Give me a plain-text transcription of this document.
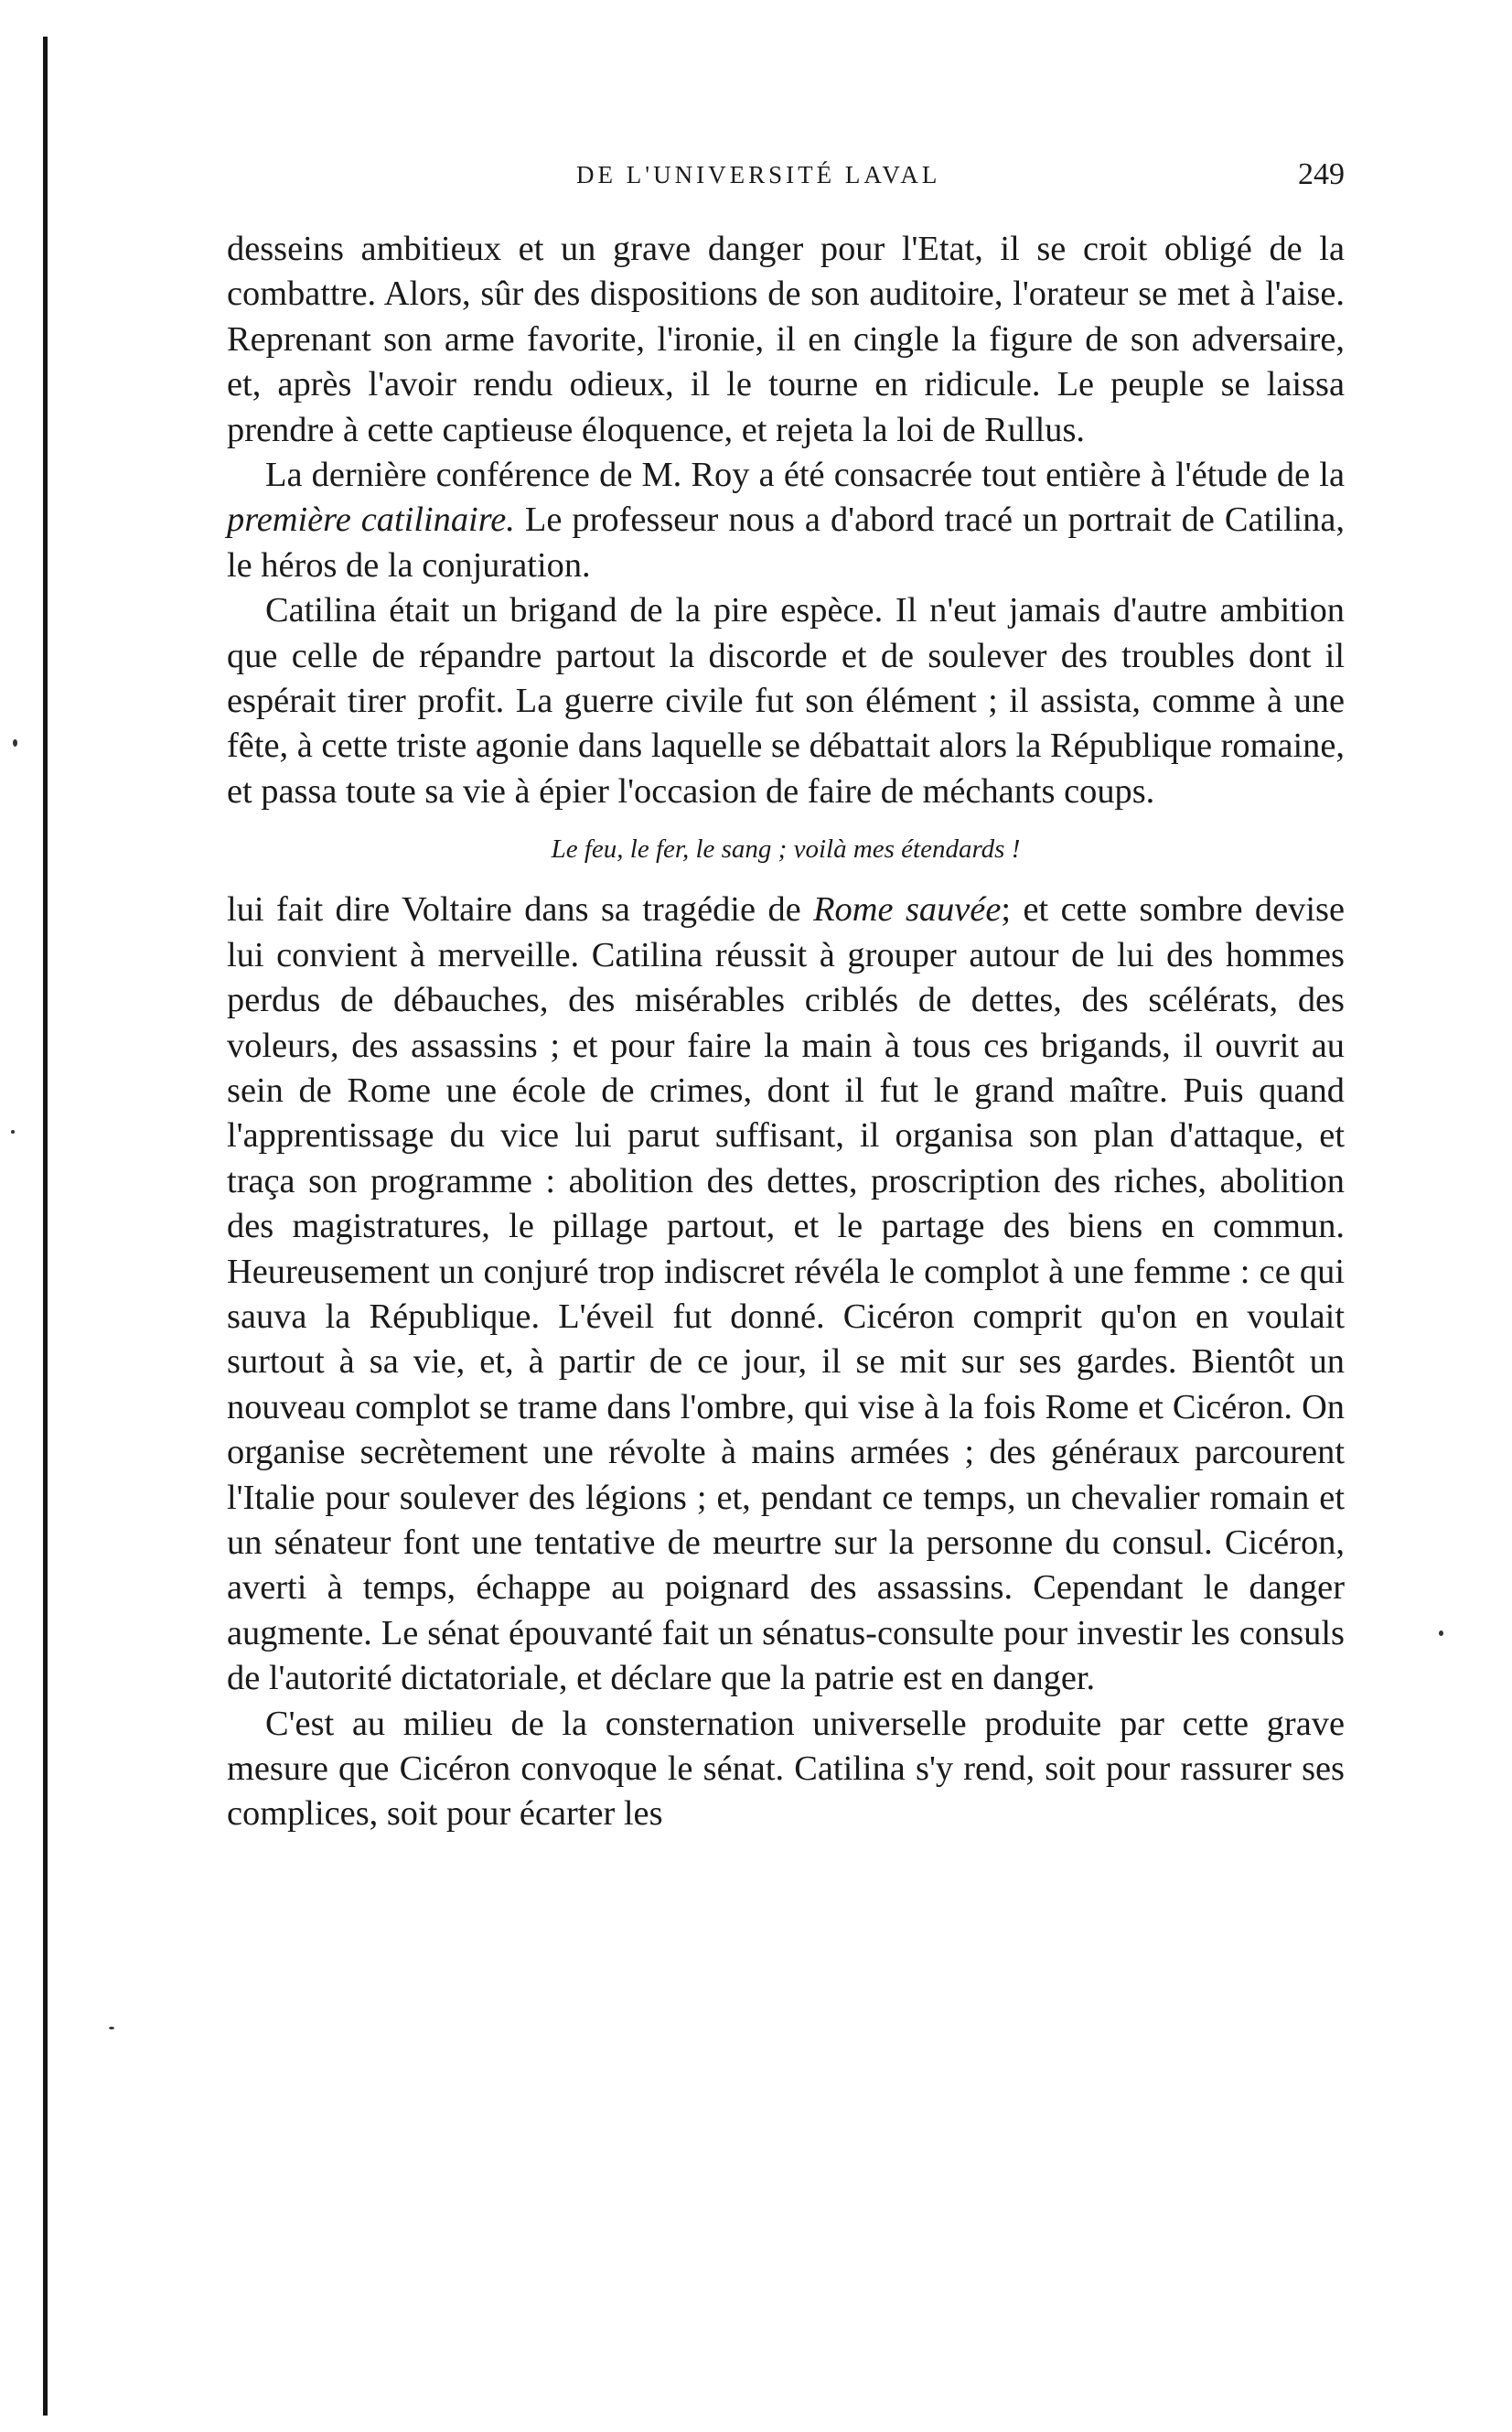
DE L'UNIVERSITÉ LAVAL	249

desseins ambitieux et un grave danger pour l'Etat, il se croit obligé de la combattre. Alors, sûr des dispositions de son auditoire, l'orateur se met à l'aise. Reprenant son arme favorite, l'ironie, il en cingle la figure de son adversaire, et, après l'avoir rendu odieux, il le tourne en ridicule. Le peuple se laissa prendre à cette captieuse éloquence, et rejeta la loi de Rullus.

La dernière conférence de M. Roy a été consacrée tout entière à l'étude de la première catilinaire. Le professeur nous a d'abord tracé un portrait de Catilina, le héros de la conjuration.

Catilina était un brigand de la pire espèce. Il n'eut jamais d'autre ambition que celle de répandre partout la discorde et de soulever des troubles dont il espérait tirer profit. La guerre civile fut son élément ; il assista, comme à une fête, à cette triste agonie dans laquelle se débattait alors la République romaine, et passa toute sa vie à épier l'occasion de faire de méchants coups.

Le feu, le fer, le sang ; voilà mes étendards !

lui fait dire Voltaire dans sa tragédie de Rome sauvée; et cette sombre devise lui convient à merveille. Catilina réussit à grouper autour de lui des hommes perdus de débauches, des misérables criblés de dettes, des scélérats, des voleurs, des assassins ; et pour faire la main à tous ces brigands, il ouvrit au sein de Rome une école de crimes, dont il fut le grand maître. Puis quand l'apprentissage du vice lui parut suffisant, il organisa son plan d'attaque, et traça son programme : abolition des dettes, proscription des riches, abolition des magistratures, le pillage partout, et le partage des biens en commun. Heureusement un conjuré trop indiscret révéla le complot à une femme : ce qui sauva la République. L'éveil fut donné. Cicéron comprit qu'on en voulait surtout à sa vie, et, à partir de ce jour, il se mit sur ses gardes. Bientôt un nouveau complot se trame dans l'ombre, qui vise à la fois Rome et Cicéron. On organise secrètement une révolte à mains armées ; des généraux parcourent l'Italie pour soulever des légions ; et, pendant ce temps, un chevalier romain et un sénateur font une tentative de meurtre sur la personne du consul. Cicéron, averti à temps, échappe au poignard des assassins. Cependant le danger augmente. Le sénat épouvanté fait un sénatus-consulte pour investir les consuls de l'autorité dictatoriale, et déclare que la patrie est en danger.

C'est au milieu de la consternation universelle produite par cette grave mesure que Cicéron convoque le sénat. Catilina s'y rend, soit pour rassurer ses complices, soit pour écarter les
